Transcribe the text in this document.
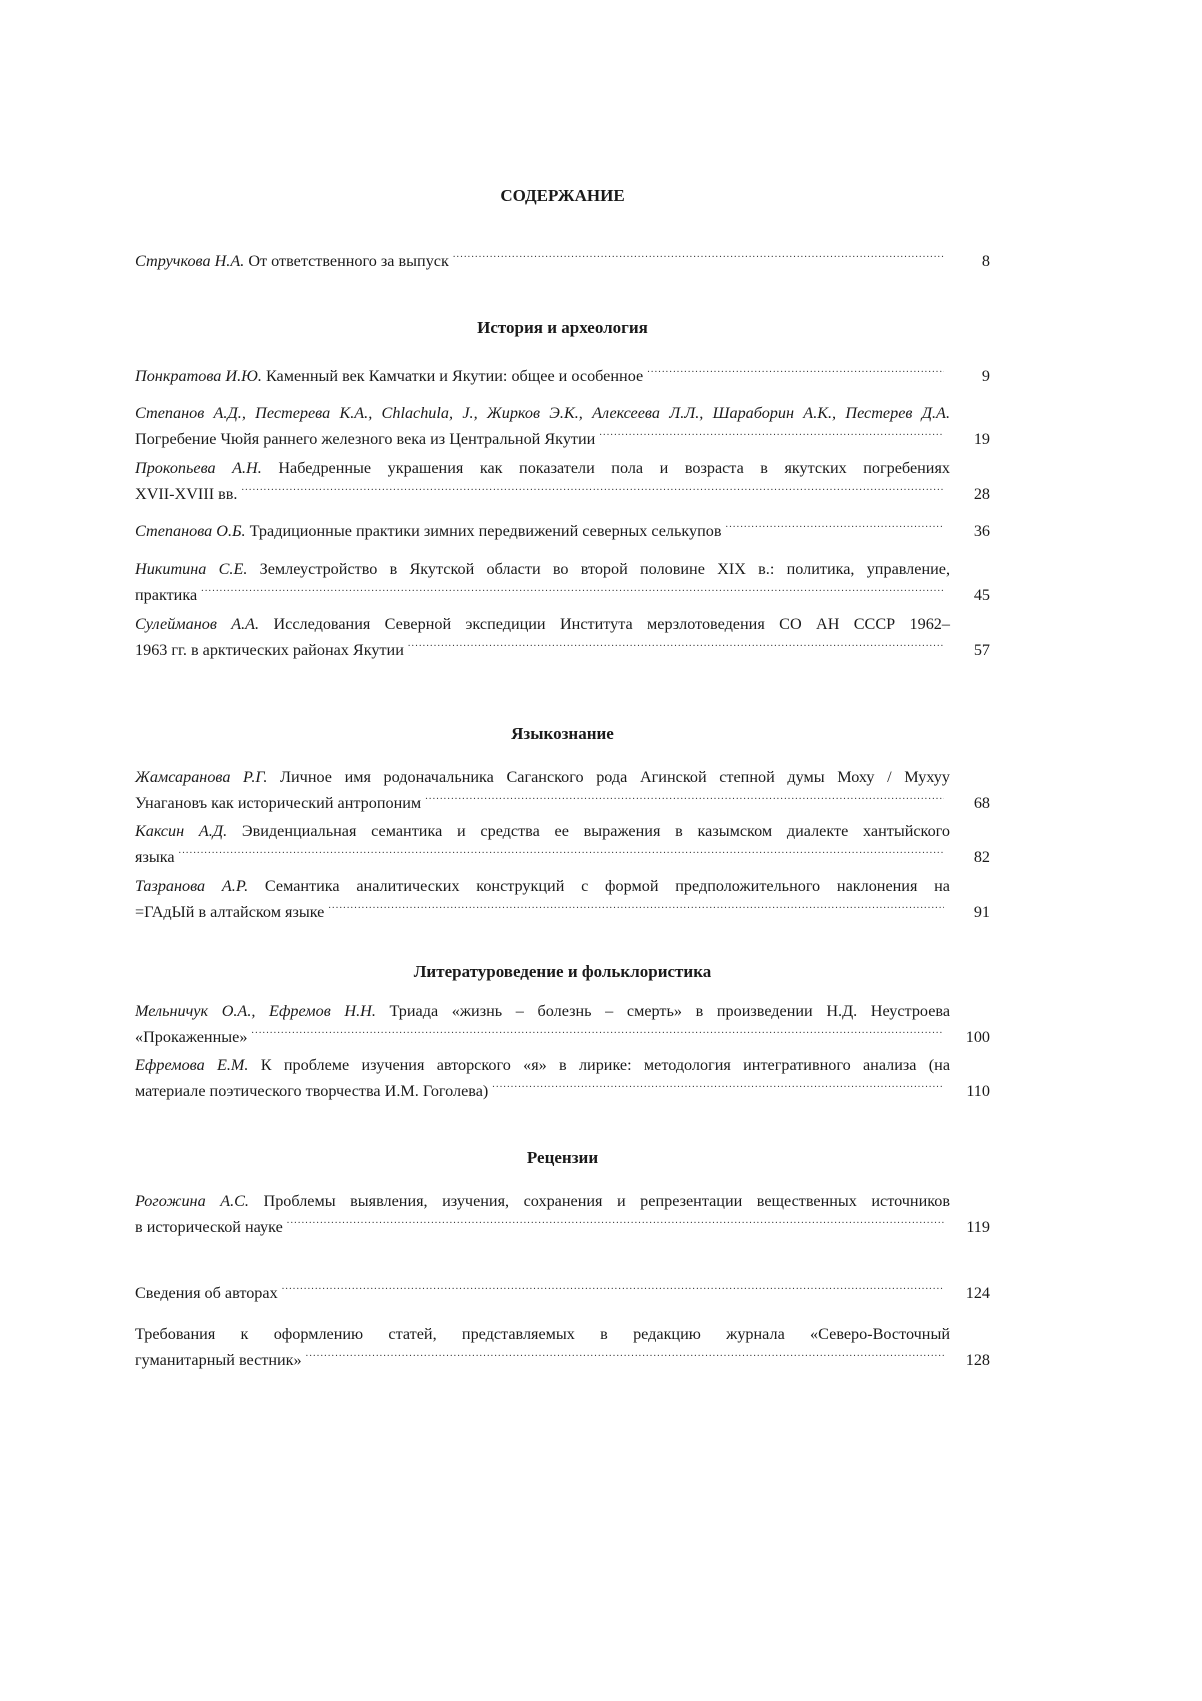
СОДЕРЖАНИЕ
Стручкова Н.А.
От ответственного за выпуск .....	8
История и археология
Понкратова И.Ю.
Каменный век Камчатки и Якутии: общее и особенное .....	9
Степанов А.Д., Пестерева К.А., Chlachula, J., Жирков Э.К., Алексеева Л.Л., Шараборин А.К., Пестерев Д.А.
Погребение Чюйя раннего железного века из Центральной Якутии .....	19
Прокопьева А.Н. Набедренные украшения как показатели пола и возраста в якутских погребениях
XVII-XVIII вв. .....	28
Степанова О.Б.
Традиционные практики зимних передвижений северных селькупов .....	36
Никитина С.Е. Землеустройство в Якутской области во второй половине XIX в.: политика, управление,
практика .....	45
Сулейманов А.А. Исследования Северной экспедиции Института мерзлотоведения СО АН СССР 1962–
1963 гг. в арктических районах Якутии .....	57
Языкознание
Жамсаранова Р.Г. Личное имя родоначальника Саганского рода Агинской степной думы Моху / Мухуу
Унагановъ как исторический антропоним .....	68
Каксин А.Д. Эвиденциальная семантика и средства ее выражения в казымском диалекте хантыйского
языка .....	82
Тазранова А.Р. Семантика аналитических конструкций с формой предположительного наклонения на
=ГАдЫй в алтайском языке .....	91
Литературоведение и фольклористика
Мельничук О.А., Ефремов Н.Н. Триада «жизнь – болезнь – смерть» в произведении Н.Д. Неустроева
«Прокаженные» .....	100
Ефремова Е.М. К проблеме изучения авторского «я» в лирике: методология интегративного анализа (на
материале поэтического творчества И.М. Гоголева) .....	110
Рецензии
Рогожина А.С. Проблемы выявления, изучения, сохранения и репрезентации вещественных источников
в исторической науке .....	119
Сведения об авторах .....	124
Требования к оформлению статей, представляемых в редакцию журнала «Северо-Восточный
гуманитарный вестник» .....	128
